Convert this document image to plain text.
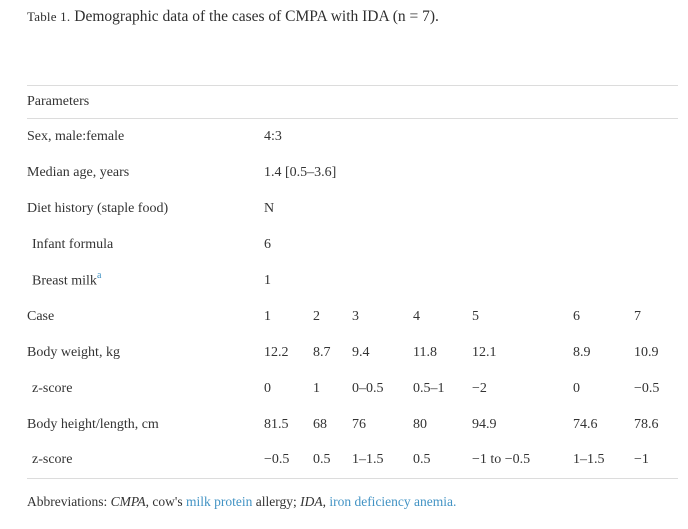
Table 1. Demographic data of the cases of CMPA with IDA (n = 7).
Parameters							
Sex, male:female	4:3						
Median age, years	1.4 [0.5–3.6]						
Diet history (staple food)	N						
Infant formula	6						
Breast milk$^a$	1						
Case	1	2	3	4	5	6	7
Body weight, kg	12.2	8.7	9.4	11.8	12.1	8.9	10.9
z-score	0	1	0–0.5	0.5–1	−2	0	−0.5
Body height/length, cm	81.5	68	76	80	94.9	74.6	78.6
z-score	−0.5	0.5	1–1.5	0.5	−1 to −0.5	1–1.5	−1
Abbreviations: CMPA, cow's milk protein allergy; IDA, iron deficiency anemia.
